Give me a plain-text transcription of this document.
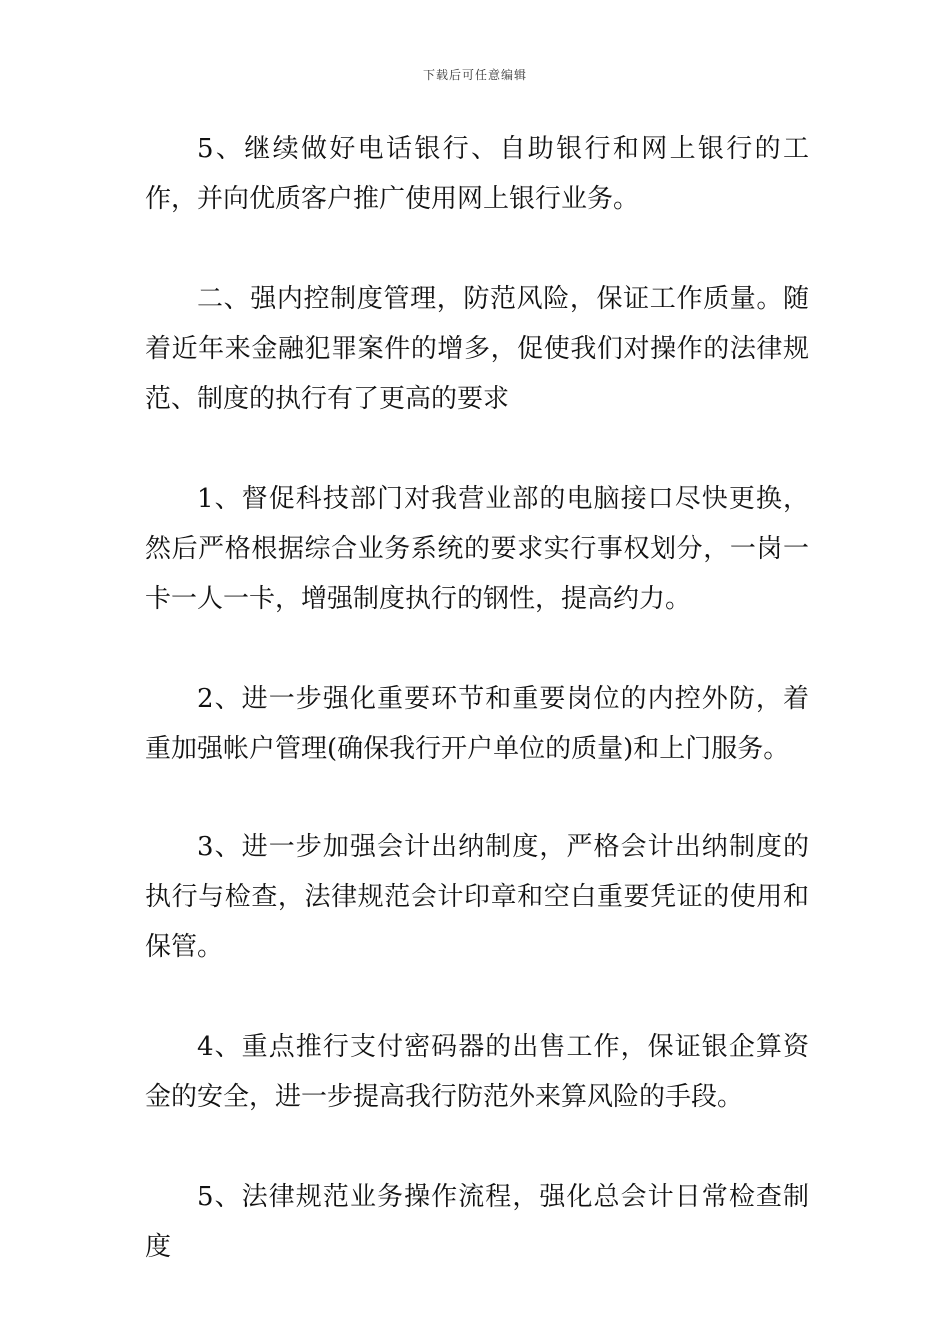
下载后可任意编辑

5、继续做好电话银行、自助银行和网上银行的工作，并向优质客户推广使用网上银行业务。

二、强内控制度管理，防范风险，保证工作质量。随着近年来金融犯罪案件的增多，促使我们对操作的法律规范、制度的执行有了更高的要求

1、督促科技部门对我营业部的电脑接口尽快更换，然后严格根据综合业务系统的要求实行事权划分，一岗一卡一人一卡，增强制度执行的钢性，提高约力。

2、进一步强化重要环节和重要岗位的内控外防，着重加强帐户管理(确保我行开户单位的质量)和上门服务。

3、进一步加强会计出纳制度，严格会计出纳制度的执行与检查，法律规范会计印章和空白重要凭证的使用和保管。

4、重点推行支付密码器的出售工作，保证银企算资金的安全，进一步提高我行防范外来算风险的手段。

5、法律规范业务操作流程，强化总会计日常检查制度
